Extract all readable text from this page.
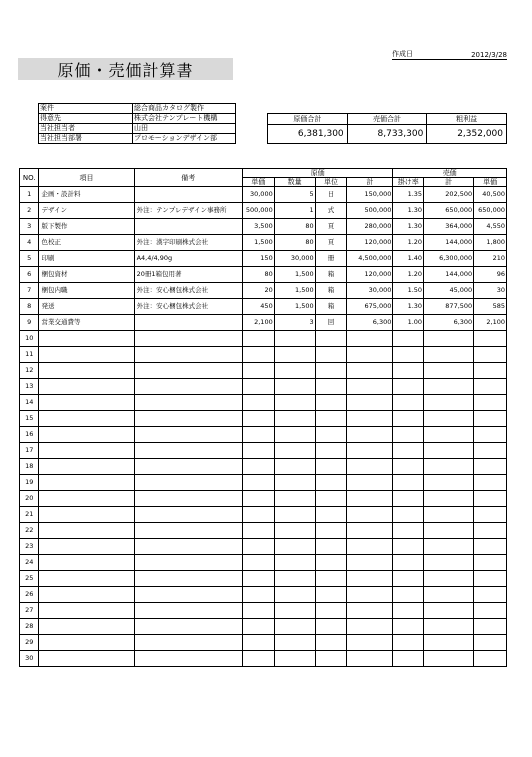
作成日	2012/3/28
原価・売価計算書
案件	総合商品カタログ製作
得意先	株式会社テンプレート機構
当社担当者	山田
当社担当部署	プロモーションデザイン部
原価合計	売価合計	粗利益
6,381,300	8,733,300	2,352,000
NO.	項目	備考	原価				売価		
			単価	数量	単位	計	掛け率	計	単価
1	企画・設計料		30,000	5	日	150,000	1.35	202,500	40,500
2	デザイン	外注：テンプレデザイン事務所	500,000	1	式	500,000	1.30	650,000	650,000
3	版下製作		3,500	80	頁	280,000	1.30	364,000	4,550
4	色校正	外注：漢字印刷株式会社	1,500	80	頁	120,000	1.20	144,000	1,800
5	印刷	A4,4/4,90g	150	30,000	冊	4,500,000	1.40	6,300,000	210
6	梱包資材	20冊1箱包用著	80	1,500	箱	120,000	1.20	144,000	96
7	梱包内職	外注：安心梱包株式会社	20	1,500	箱	30,000	1.50	45,000	30
8	発送	外注：安心梱包株式会社	450	1,500	箱	675,000	1.30	877,500	585
9	営業交通費等		2,100	3	回	6,300	1.00	6,300	2,100
10									
11									
12									
13									
14									
15									
16									
17									
18									
19									
20									
21									
22									
23									
24									
25									
26									
27									
28									
29									
30									
